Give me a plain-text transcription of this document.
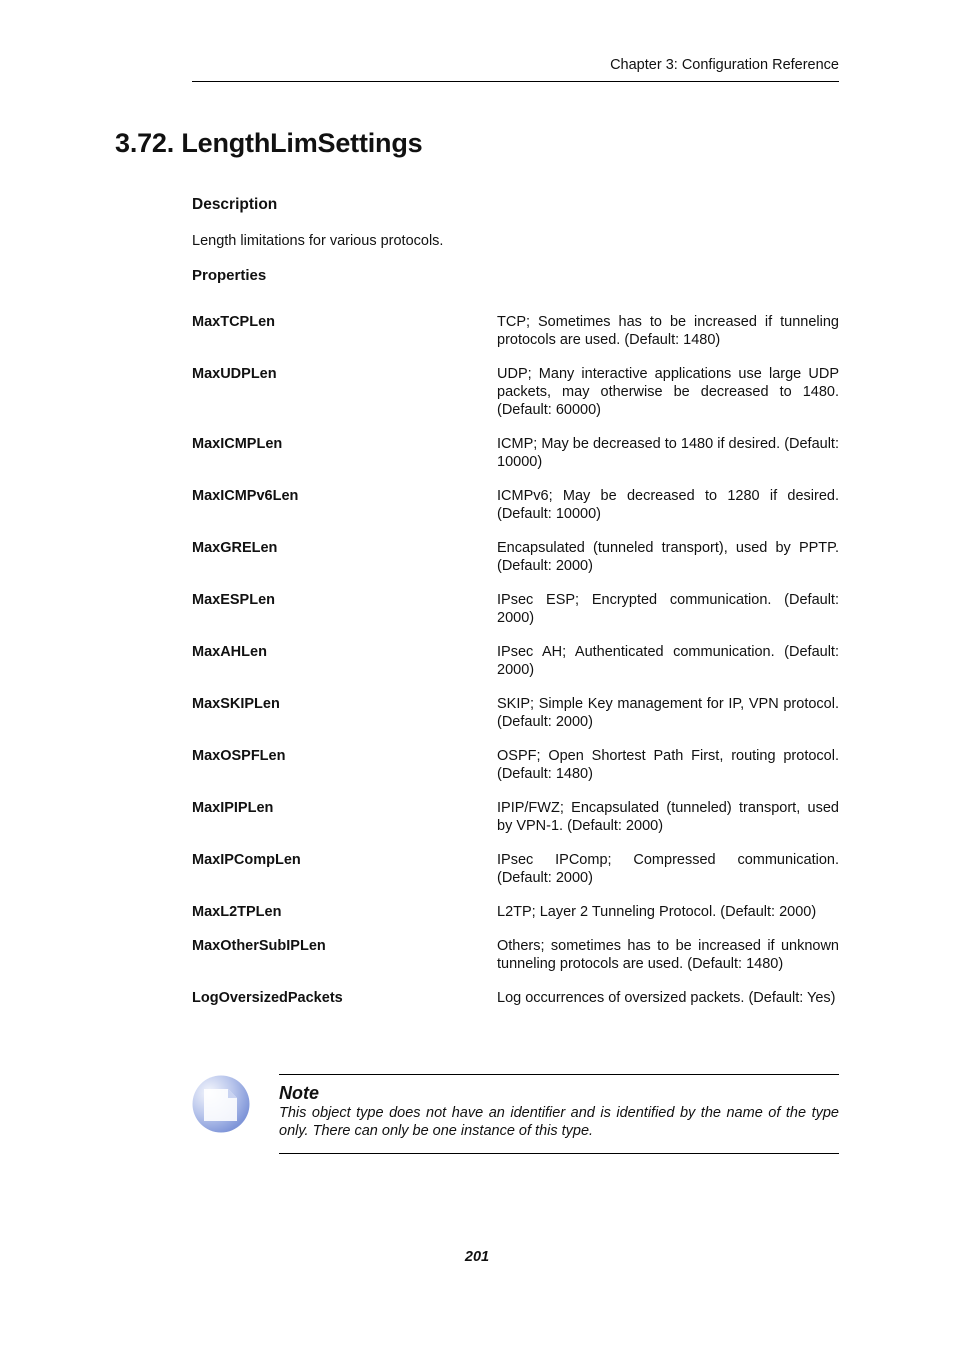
Chapter 3: Configuration Reference
3.72. LengthLimSettings
Description

Length limitations for various protocols.

Properties
MaxTCPLen	TCP; Sometimes has to be increased if tunneling protocols are used. (Default: 1480)
MaxUDPLen	UDP; Many interactive applications use large UDP packets, may otherwise be decreased to 1480. (Default: 60000)
MaxICMPLen	ICMP; May be decreased to 1480 if desired. (Default: 10000)
MaxICMPv6Len	ICMPv6; May be decreased to 1280 if desired. (Default: 10000)
MaxGRELen	Encapsulated (tunneled transport), used by PPTP. (Default: 2000)
MaxESPLen	IPsec ESP; Encrypted communication. (Default: 2000)
MaxAHLen	IPsec AH; Authenticated communication. (Default: 2000)
MaxSKIPLen	SKIP; Simple Key management for IP, VPN protocol. (Default: 2000)
MaxOSPFLen	OSPF; Open Shortest Path First, routing protocol. (Default: 1480)
MaxIPIPLen	IPIP/FWZ; Encapsulated (tunneled) transport, used by VPN-1. (Default: 2000)
MaxIPCompLen	IPsec IPComp; Compressed communication. (Default: 2000)
MaxL2TPLen	L2TP; Layer 2 Tunneling Protocol. (Default: 2000)
MaxOtherSubIPLen	Others; sometimes has to be increased if unknown tunneling protocols are used. (Default: 1480)
LogOversizedPackets	Log occurrences of oversized packets. (Default: Yes)

Note

This object type does not have an identifier and is identified by the name of the type only. There can only be one instance of this type.

201
